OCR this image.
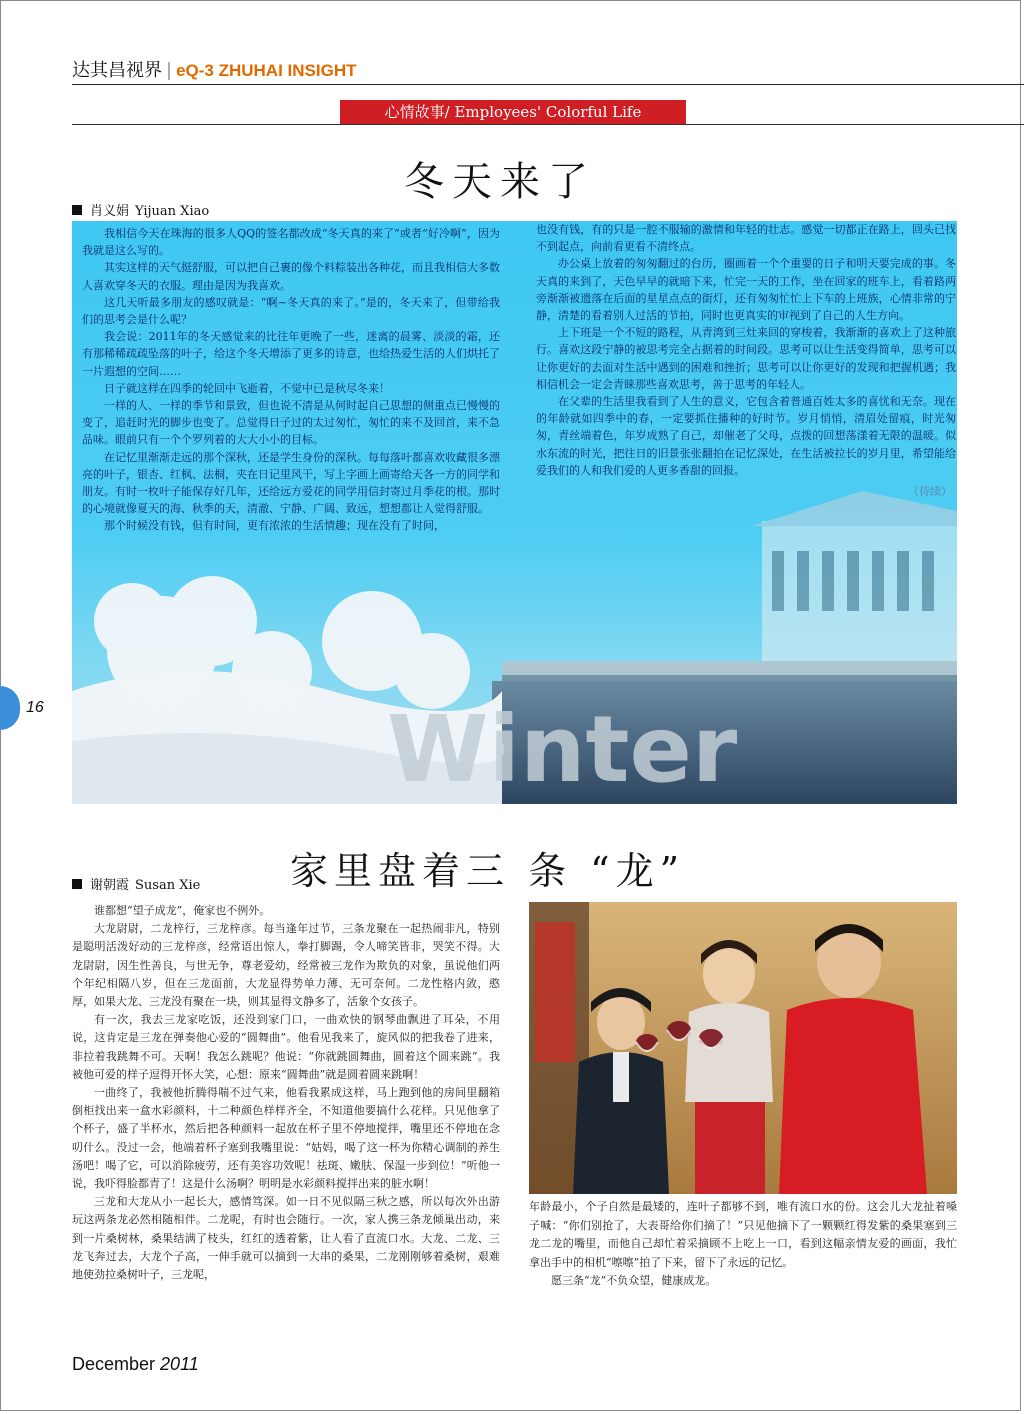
达其昌视界 | eQ-3 ZHUHAI INSIGHT
心情故事/ Employees' Colorful Life
冬天来了
肖义娟 Yijuan Xiao
Winter

我相信今天在珠海的很多人QQ的签名都改成“冬天真的来了”或者“好冷啊”，因为我就是这么写的。

其实这样的天气挺舒服，可以把自己裹的像个料粽装出各种花，而且我相信大多数人喜欢穿冬天的衣服。理由是因为我喜欢。

这几天听最多朋友的感叹就是：“啊~冬天真的来了。”是的，冬天来了，但带给我们的思考会是什么呢？

我会说：2011年的冬天感觉来的比往年更晚了一些，迷离的晨雾、淡淡的霜，还有那稀稀疏疏坠落的叶子，给这个冬天增添了更多的诗意，也给热爱生活的人们烘托了一片遐想的空间……

日子就这样在四季的轮回中飞逝着，不觉中已是秋尽冬来！

一样的人、一样的季节和景致，但也说不清是从何时起自己思想的侧重点已慢慢的变了，追赶时光的脚步也变了。总觉得日子过的太过匆忙，匆忙的来不及回首，来不急品味。眼前只有一个个罗列着的大大小小的目标。

在记忆里渐渐走远的那个深秋，还是学生身份的深秋。每每落叶都喜欢收藏很多漂亮的叶子，银杏、红枫、法桐，夹在日记里风干，写上字画上画寄给天各一方的同学和朋友。有时一枚叶子能保存好几年，还给远方爱花的同学用信封寄过月季花的根。那时的心境就像夏天的海、秋季的天，清澈、宁静、广阔、致远，想想都让人觉得舒服。

那个时候没有钱，但有时间，更有浓浓的生活情趣；现在没有了时间，

也没有钱，有的只是一腔不服输的激情和年轻的壮志。感觉一切都正在路上，回头已找不到起点，向前看更看不清终点。

办公桌上放着的匆匆翻过的台历，圈画着一个个重要的日子和明天要完成的事。冬天真的来到了，天色早早的就暗下来，忙完一天的工作，坐在回家的班车上，看着路两旁渐渐被遗落在后面的星星点点的街灯，还有匆匆忙忙上下车的上班族，心情非常的宁静，清楚的看着别人过活的节拍，同时也更真实的审视到了自己的人生方向。

上下班是一个不短的路程，从青湾到三灶来回的穿梭着，我渐渐的喜欢上了这种旅行。喜欢这段宁静的被思考完全占据着的时间段。思考可以让生活变得简单，思考可以让你更好的去面对生活中遇到的困难和挫折；思考可以让你更好的发现和把握机遇；我相信机会一定会青睐那些喜欢思考，善于思考的年轻人。

在父辈的生活里我看到了人生的意义，它包含着普通百姓太多的喜忧和无奈。现在的年龄就如四季中的春，一定要抓住播种的好时节。岁月悄悄，清眉处留痕，时光匆匆，青丝端着色，年岁成熟了自己，却催老了父母，点拨的回想荡漾着无限的温暖。似水东流的时光，把往日的旧景张张翻拍在记忆深处，在生活被拉长的岁月里，希望能给爱我们的人和我们爱的人更多香甜的回报。

（待续）
16
家里盘着三 条 “龙”
谢朝霞 Susan Xie

谁都想“望子成龙”，俺家也不例外。

大龙尉尉，二龙梓行，三龙梓彦。每当逢年过节，三条龙聚在一起热闹非凡，特别是聪明活泼好动的三龙梓彦，经常语出惊人，拳打脚踢，令人啼笑皆非，哭笑不得。大龙尉尉，因生性善良，与世无争，尊老爱幼，经常被三龙作为欺负的对象，虽说他们两个年纪相隔八岁，但在三龙面前，大龙显得势单力薄、无可奈何。二龙性格内敛，憨厚，如果大龙、三龙没有聚在一块，则其显得文静多了，活象个女孩子。

有一次，我去三龙家吃饭，还没到家门口，一曲欢快的钢琴曲飘进了耳朵，不用说，这肯定是三龙在弹奏他心爱的“圆舞曲”。他看见我来了，旋风似的把我卷了进来，非拉着我跳舞不可。天啊！我怎么跳呢？他说：“你就跳圆舞曲，圆着这个圆来跳”。我被他可爱的样子逗得开怀大笑，心想：原来“圆舞曲”就是圆着圆来跳啊！

一曲终了，我被他折腾得喘不过气来，他看我累成这样，马上跑到他的房间里翻箱倒柜找出来一盒水彩颜料，十二种颜色样样齐全，不知道他要搞什么花样。只见他拿了个杯子，盛了半杯水，然后把各种颜料一起放在杯子里不停地搅拌，嘴里还不停地在念叨什么。没过一会，他端着杯子塞到我嘴里说：“姑妈，喝了这一杯为你精心调制的养生汤吧！喝了它，可以消除疲劳，还有美容功效呢！祛斑、嫩肤、保湿一步到位！”听他一说，我吓得脸都青了！这是什么汤啊？明明是水彩颜料搅拌出来的脏水啊！

三龙和大龙从小一起长大，感情笃深。如一日不见似隔三秋之感，所以每次外出游玩这两条龙必然相随相伴。二龙呢，有时也会随行。一次，家人携三条龙倾巢出动，来到一片桑树林，桑果结满了枝头，红红的透着紫，让人看了直流口水。大龙、二龙、三龙飞奔过去，大龙个子高，一伸手就可以摘到一大串的桑果，二龙刚刚够着桑树，艰难地使劲拉桑树叶子，三龙呢，

年龄最小，个子自然是最矮的，连叶子都够不到，唯有流口水的份。这会儿大龙扯着嗓子喊：“你们别抢了，大表哥给你们摘了！”只见他摘下了一颗颗红得发紫的桑果塞到三龙二龙的嘴里，而他自己却忙着采摘顾不上吃上一口，看到这幅亲情友爱的画面，我忙拿出手中的相机“嚓嚓”拍了下来，留下了永远的记忆。

愿三条“龙”不负众望，健康成龙。

December 2011
